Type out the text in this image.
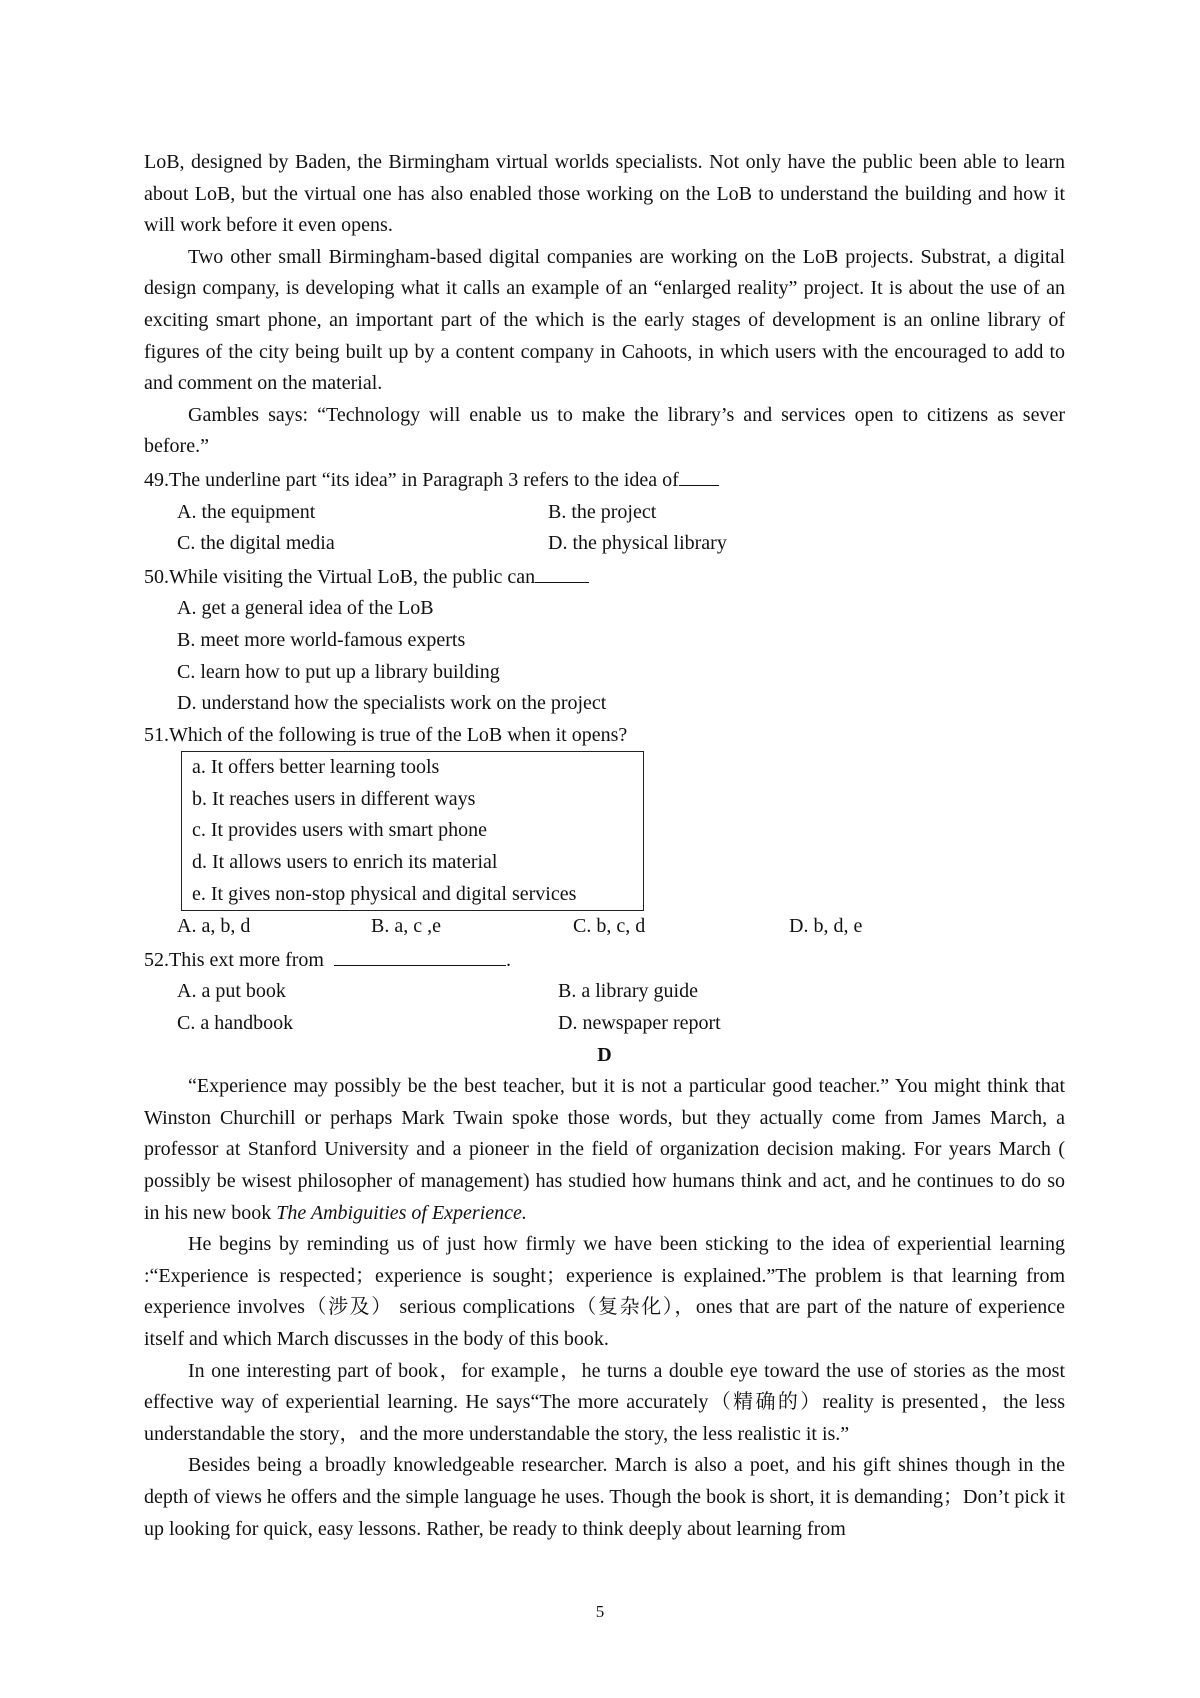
LoB, designed by Baden, the Birmingham virtual worlds specialists. Not only have the public been able to learn about LoB, but the virtual one has also enabled those working on the LoB to understand the building and how it will work before it even opens.

Two other small Birmingham-based digital companies are working on the LoB projects. Substrat, a digital design company, is developing what it calls an example of an “enlarged reality” project. It is about the use of an exciting smart phone, an important part of the which is the early stages of development is an online library of figures of the city being built up by a content company in Cahoots, in which users with the encouraged to add to and comment on the material.

Gambles says: “Technology will enable us to make the library’s and services open to citizens as sever before.”

49.The underline part “its idea” in Paragraph 3 refers to the idea of
A. the equipment	B. the project
C. the digital media	D. the physical library
50.While visiting the Virtual LoB, the public can
A. get a general idea of the LoB
B. meet more world-famous experts
C. learn how to put up a library building
D. understand how the specialists work on the project
51.Which of the following is true of the LoB when it opens?
a. It offers better learning tools
b. It reaches users in different ways
c. It provides users with smart phone
d. It allows users to enrich its material
e. It gives non-stop physical and digital services
A. a, b, d	B. a, c ,e	C. b, c, d	D. b, d, e
52.This ext more from	.
A. a put book	B. a library guide
C. a handbook	D. newspaper report

D

“Experience may possibly be the best teacher, but it is not a particular good teacher.” You might think that Winston Churchill or perhaps Mark Twain spoke those words, but they actually come from James March, a professor at Stanford University and a pioneer in the field of organization decision making. For years March ( possibly be wisest philosopher of management) has studied how humans think and act, and he continues to do so in his new book The Ambiguities of Experience.

He begins by reminding us of just how firmly we have been sticking to the idea of experiential learning :“Experience is respected；experience is sought；experience is explained.”The problem is that learning from experience involves（涉及） serious complications（复杂化），ones that are part of the nature of experience itself and which March discusses in the body of this book.

In one interesting part of book，for example，he turns a double eye toward the use of stories as the most effective way of experiential learning. He says“The more accurately（精确的）reality is presented，the less understandable the story，and the more understandable the story, the less realistic it is.”

Besides being a broadly knowledgeable researcher. March is also a poet, and his gift shines though in the depth of views he offers and the simple language he uses. Though the book is short, it is demanding；Don’t pick it up looking for quick, easy lessons. Rather, be ready to think deeply about learning from

5
